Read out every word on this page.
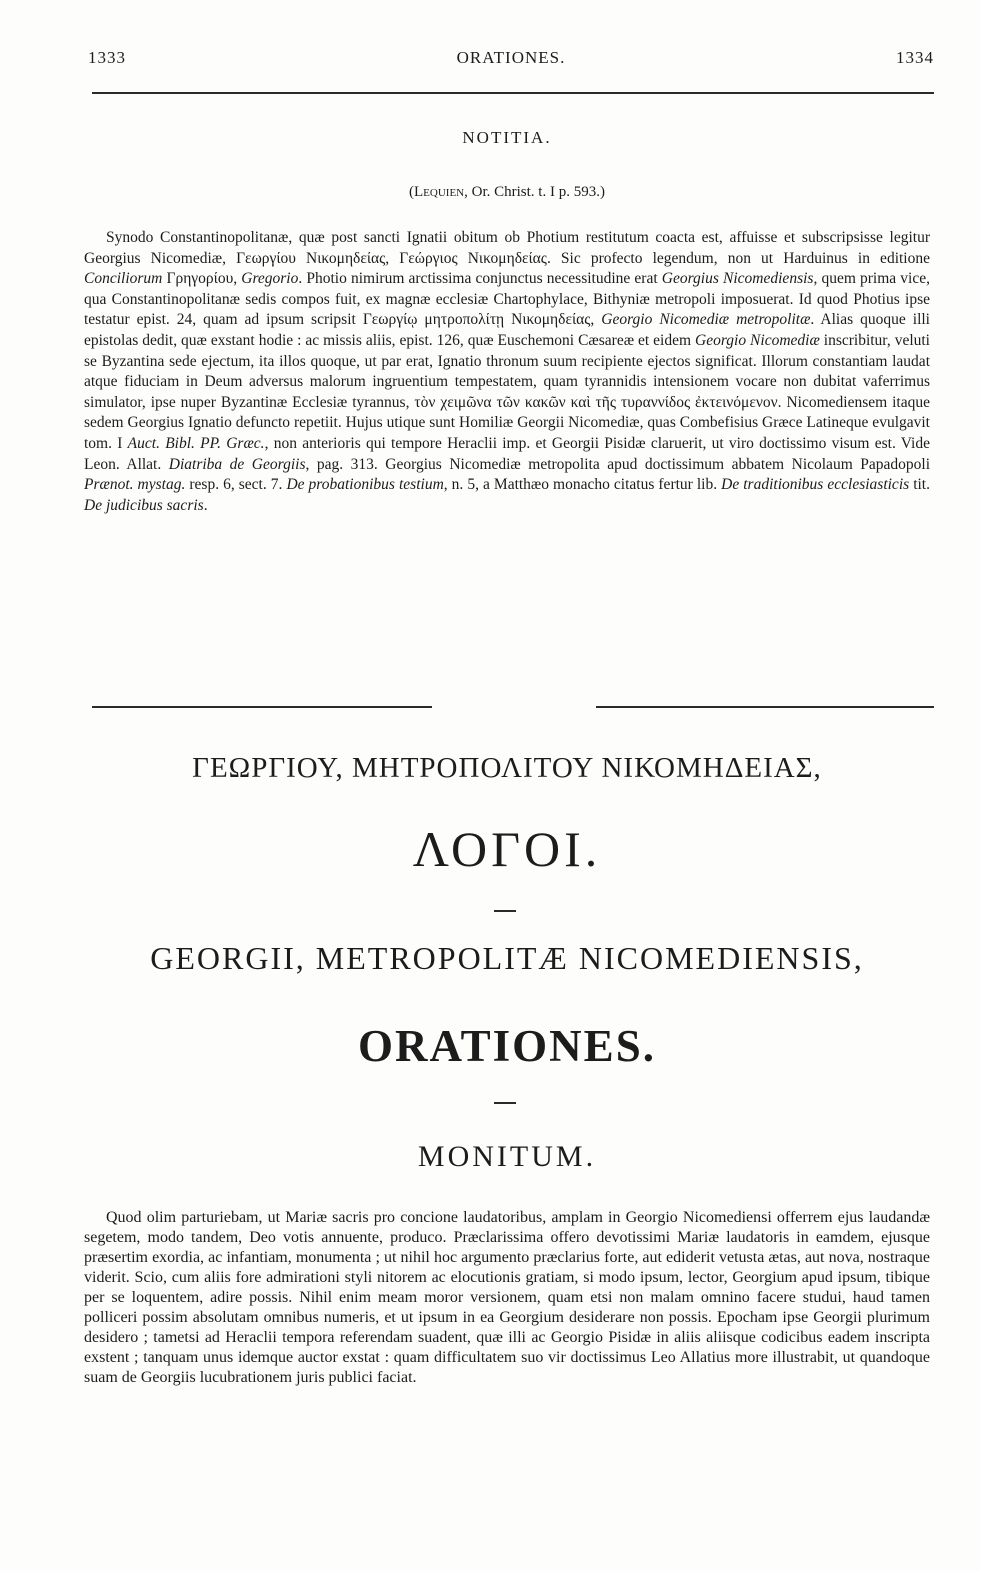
1333	ORATIONES.	1334
NOTITIA.
(Lequien, Or. Christ. t. I p. 593.)
Synodo Constantinopolitanæ, quæ post sancti Ignatii obitum ob Photium restitutum coacta est, affuisse et subscripsisse legitur Georgius Nicomediæ, Γεωργίου Νικομηδείας, Γεώργιος Νικομηδείας. Sic profecto legendum, non ut Harduinus in editione Conciliorum Γρηγορίου, Gregorio. Photio nimirum arctissima conjunctus necessitudine erat Georgius Nicomediensis, quem prima vice, qua Constantinopolitanæ sedis compos fuit, ex magnæ ecclesiæ Chartophylace, Bithyniæ metropoli imposuerat. Id quod Photius ipse testatur epist. 24, quam ad ipsum scripsit Γεωργίῳ μητροπολίτῃ Νικομηδείας, Georgio Nicomediæ metropolitæ. Alias quoque illi epistolas dedit, quæ exstant hodie : ac missis aliis, epist. 126, quæ Euschemoni Cæsareæ et eidem Georgio Nicomediæ inscribitur, veluti se Byzantina sede ejectum, ita illos quoque, ut par erat, Ignatio thronum suum recipiente ejectos significat. Illorum constantiam laudat atque fiduciam in Deum adversus malorum ingruentium tempestatem, quam tyrannidis intensionem vocare non dubitat vaferrimus simulator, ipse nuper Byzantinæ Ecclesiæ tyrannus, τὸν χειμῶνα τῶν κακῶν καὶ τῆς τυραννίδος ἐκτεινόμενον. Nicomediensem itaque sedem Georgius Ignatio defuncto repetiit. Hujus utique sunt Homiliæ Georgii Nicomediæ, quas Combefisius Græce Latineque evulgavit tom. I Auct. Bibl. PP. Græc., non anterioris qui tempore Heraclii imp. et Georgii Pisidæ claruerit, ut viro doctissimo visum est. Vide Leon. Allat. Diatriba de Georgiis, pag. 313. Georgius Nicomediæ metropolita apud doctissimum abbatem Nicolaum Papadopoli Prænot. mystag. resp. 6, sect. 7. De probationibus testium, n. 5, a Matthæo monacho citatus fertur lib. De traditionibus ecclesiasticis tit. De judicibus sacris.
ΓΕΩΡΓΙΟΥ, ΜΗΤΡΟΠΟΛΙΤΟΥ ΝΙΚΟΜΗΔΕΙΑΣ,
ΛΟΓΟΙ.
GEORGII, METROPOLITÆ NICOMEDIENSIS,
ORATIONES.
MONITUM.
Quod olim parturiebam, ut Mariæ sacris pro concione laudatoribus, amplam in Georgio Nicomediensi offerrem ejus laudandæ segetem, modo tandem, Deo votis annuente, produco. Præclarissima offero devotissimi Mariæ laudatoris in eamdem, ejusque præsertim exordia, ac infantiam, monumenta ; ut nihil hoc argumento præclarius forte, aut ediderit vetusta ætas, aut nova, nostraque viderit. Scio, cum aliis fore admirationi styli nitorem ac elocutionis gratiam, si modo ipsum, lector, Georgium apud ipsum, tibique per se loquentem, adire possis. Nihil enim meam moror versionem, quam etsi non malam omnino facere studui, haud tamen polliceri possim absolutam omnibus numeris, et ut ipsum in ea Georgium desiderare non possis. Epocham ipse Georgii plurimum desidero ; tametsi ad Heraclii tempora referendam suadent, quæ illi ac Georgio Pisidæ in aliis aliisque codicibus eadem inscripta exstent ; tanquam unus idemque auctor exstat : quam difficultatem suo vir doctissimus Leo Allatius more illustrabit, ut quandoque suam de Georgiis lucubrationem juris publici faciat.
